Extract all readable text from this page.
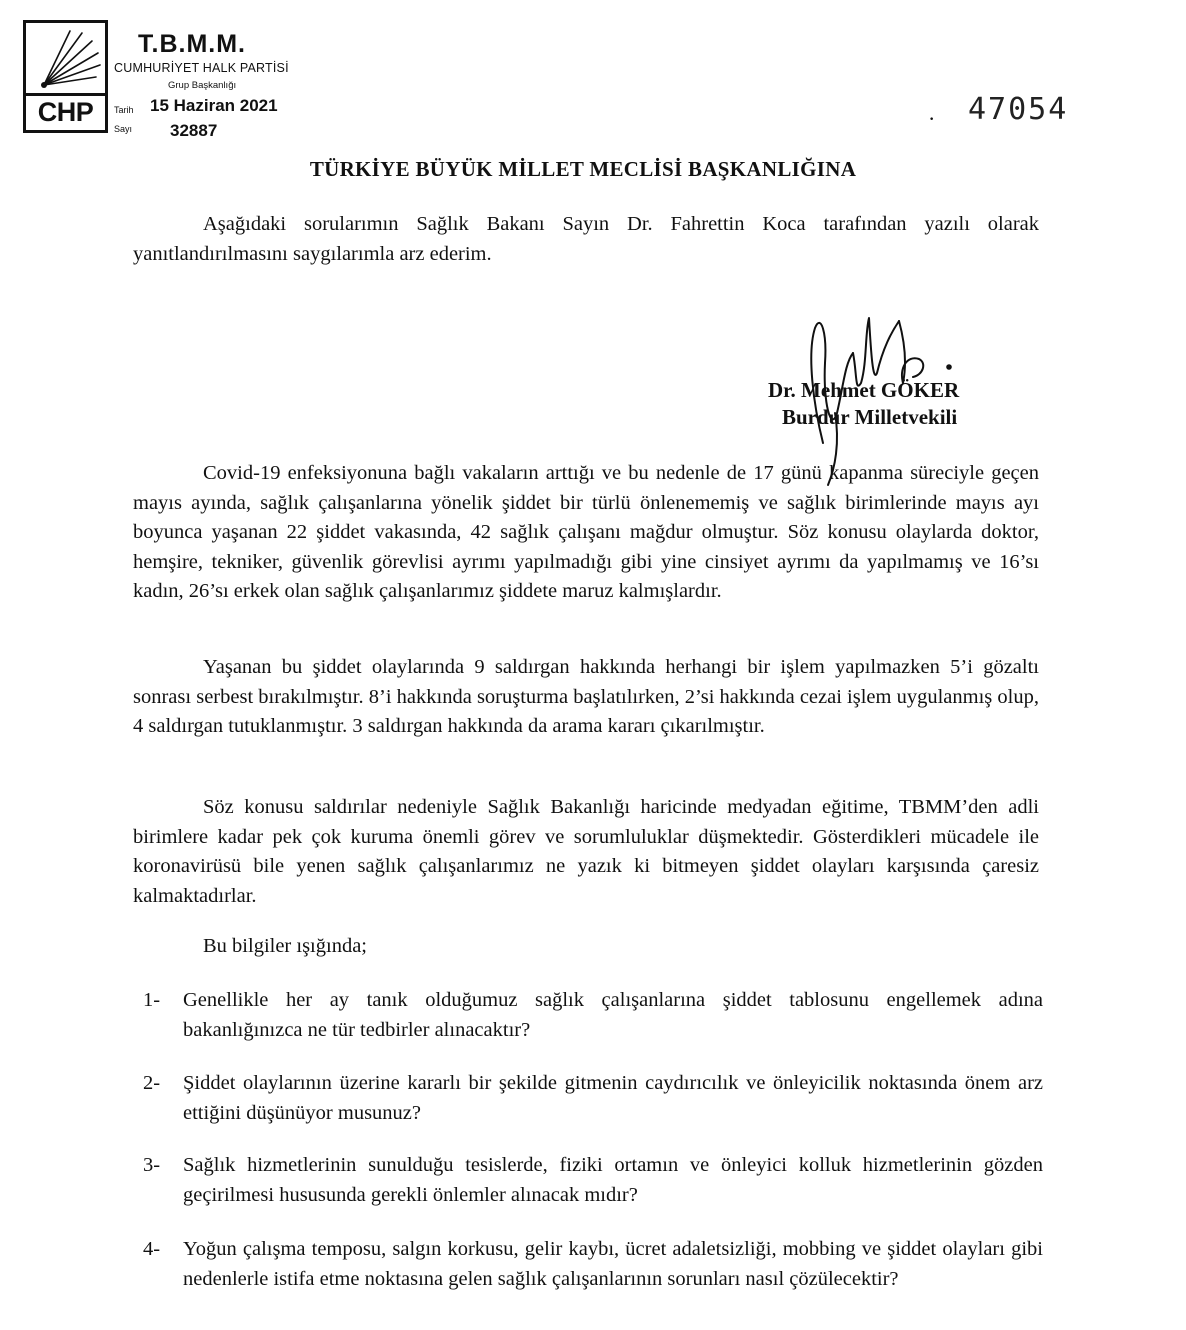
CHP
T.B.M.M.
CUMHURİYET HALK PARTİSİ
Grup Başkanlığı
Tarih 15 Haziran 2021
Sayı 32887	· 47054
TÜRKİYE BÜYÜK MİLLET MECLİSİ BAŞKANLIĞINA

Aşağıdaki sorularımın Sağlık Bakanı Sayın Dr. Fahrettin Koca tarafından yazılı olarak yanıtlandırılmasını saygılarımla arz ederim.

Dr. Mehmet GÖKER
Burdur Milletvekili

Covid-19 enfeksiyonuna bağlı vakaların arttığı ve bu nedenle de 17 günü kapanma süreciyle geçen mayıs ayında, sağlık çalışanlarına yönelik şiddet bir türlü önlenememiş ve sağlık birimlerinde mayıs ayı boyunca yaşanan 22 şiddet vakasında, 42 sağlık çalışanı mağdur olmuştur. Söz konusu olaylarda doktor, hemşire, tekniker, güvenlik görevlisi ayrımı yapılmadığı gibi yine cinsiyet ayrımı da yapılmamış ve 16’sı kadın, 26’sı erkek olan sağlık çalışanlarımız şiddete maruz kalmışlardır.

Yaşanan bu şiddet olaylarında 9 saldırgan hakkında herhangi bir işlem yapılmazken 5’i gözaltı sonrası serbest bırakılmıştır. 8’i hakkında soruşturma başlatılırken, 2’si hakkında cezai işlem uygulanmış olup, 4 saldırgan tutuklanmıştır. 3 saldırgan hakkında da arama kararı çıkarılmıştır.

Söz konusu saldırılar nedeniyle Sağlık Bakanlığı haricinde medyadan eğitime, TBMM’den adli birimlere kadar pek çok kuruma önemli görev ve sorumluluklar düşmektedir. Gösterdikleri mücadele ile koronavirüsü bile yenen sağlık çalışanlarımız ne yazık ki bitmeyen şiddet olayları karşısında çaresiz kalmaktadırlar.

Bu bilgiler ışığında;

1- Genellikle her ay tanık olduğumuz sağlık çalışanlarına şiddet tablosunu engellemek adına bakanlığınızca ne tür tedbirler alınacaktır?
2- Şiddet olaylarının üzerine kararlı bir şekilde gitmenin caydırıcılık ve önleyicilik noktasında önem arz ettiğini düşünüyor musunuz?
3- Sağlık hizmetlerinin sunulduğu tesislerde, fiziki ortamın ve önleyici kolluk hizmetlerinin gözden geçirilmesi hususunda gerekli önlemler alınacak mıdır?
4- Yoğun çalışma temposu, salgın korkusu, gelir kaybı, ücret adaletsizliği, mobbing ve şiddet olayları gibi nedenlerle istifa etme noktasına gelen sağlık çalışanlarının sorunları nasıl çözülecektir?
